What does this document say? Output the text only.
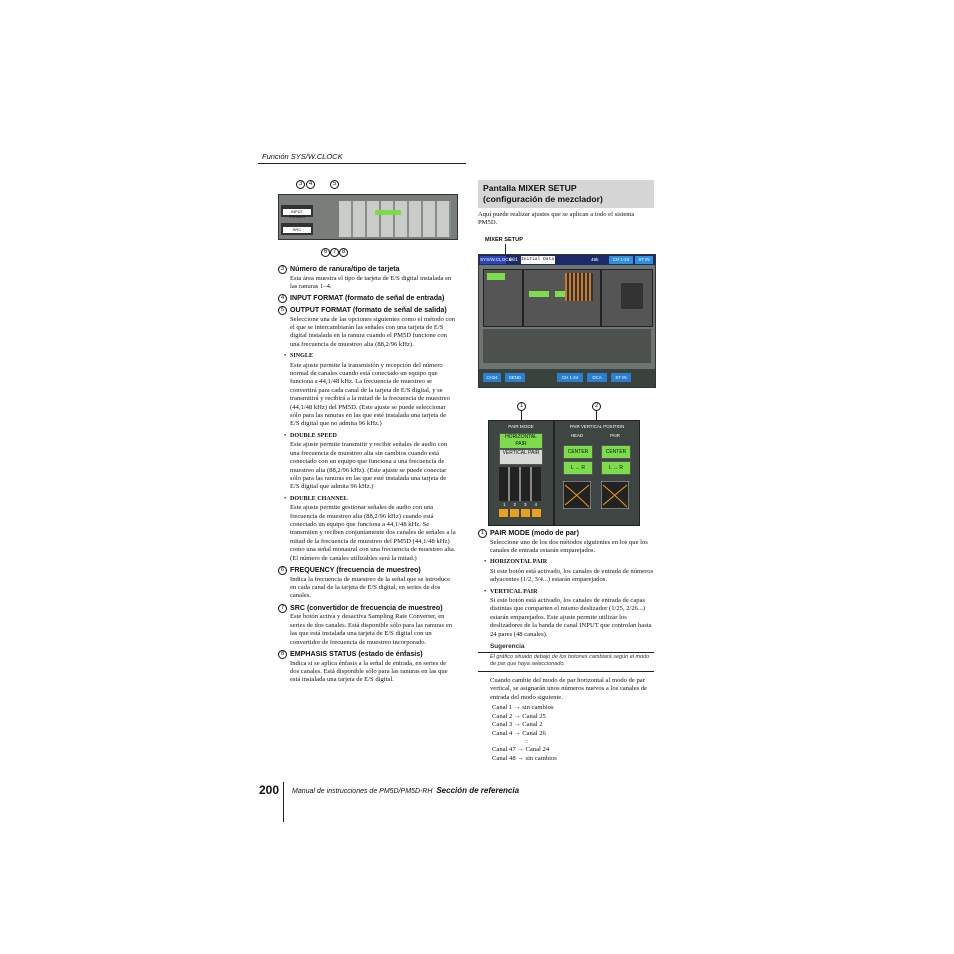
Función SYS/W.CLOCK
INPUT FORMAT
SRC
3	4	5
6 7 8
3 Número de ranura/tipo de tarjeta
Esta área muestra el tipo de tarjeta de E/S digital instalada en las ranuras 1–4.
4 INPUT FORMAT (formato de señal de entrada)
5 OUTPUT FORMAT (formato de señal de salida)
Seleccione una de las opciones siguientes como el método con el que se intercambiarán las señales con una tarjeta de E/S digital instalada en la ranura cuando el PM5D funcione con una frecuencia de muestreo alta (88,2/96 kHz).
• SINGLE
Este ajuste permite la transmisión y recepción del número normal de canales cuando está conectado un equipo que funciona a 44,1/48 kHz. La frecuencia de muestreo se convertirá para cada canal de la tarjeta de E/S digital, y se transmitirá y recibirá a la mitad de la frecuencia de muestreo (44,1/48 kHz) del PM5D. (Este ajuste se puede seleccionar sólo para las ranuras en las que esté instalada una tarjeta de E/S digital que no admita 96 kHz.)
• DOUBLE SPEED
Este ajuste permite transmitir y recibir señales de audio con una frecuencia de muestreo alta sin cambios cuando está conectado con un equipo que funciona a una frecuencia de muestreo alta (88,2/96 kHz). (Este ajuste se puede conectar sólo para las ranuras en las que esté instalada una tarjeta de E/S digital que admita 96 kHz.)
• DOUBLE CHANNEL
Este ajuste permite gestionar señales de audio con una frecuencia de muestreo alta (88,2/96 kHz) cuando está conectado un equipo que funciona a 44,1/48 kHz. Se transmiten y reciben conjuntamente dos canales de señales a la mitad de la frecuencia de muestreo del PM5D (44,1/48 kHz) como una señal monaural con una frecuencia de muestreo alta. (El número de canales utilizables será la mitad.)
6 FREQUENCY (frecuencia de muestreo)
Indica la frecuencia de muestreo de la señal que se introduce en cada canal de la tarjeta de E/S digital, en series de dos canales.
7 SRC (convertidor de frecuencia de muestreo)
Este botón activa y desactiva Sampling Rate Converter, en series de dos canales. Está disponible sólo para las ranuras en las que está instalada una tarjeta de E/S digital con un convertidor de frecuencia de muestreo incorporado.
8 EMPHASIS STATUS (estado de énfasis)
Indica si se aplica énfasis a la señal de entrada, en series de dos canales. Está disponible sólo para las ranuras en las que está instalada una tarjeta de E/S digital.
Pantalla MIXER SETUP
(configuración de mezclador)
Aquí puede realizar ajustes que se aplican a todo el sistema PM5D.
MIXER SETUP
SYS/W.CLOCK
001 Initial Data	48k	CH 1-24	ST IN
CH24	SEND	CH 1-24	DCA	ST IN
1	2
PAIR MODE
HORIZONTAL PAIR
VERTICAL PAIR
1 2 3 4
PAIR VERTICAL POSITION
HEAD	PAIR
CENTER	CENTER
L ↔ R	L ↔ R
1 PAIR MODE (modo de par)
Seleccione uno de los dos métodos siguientes en los que los canales de entrada estarán emparejados.
• HORIZONTAL PAIR
Si este botón está activado, los canales de entrada de números adyacentes (1/2, 3/4...) estarán emparejados.
• VERTICAL PAIR
Si este botón está activado, los canales de entrada de capas distintas que comparten el mismo deslizador (1/25, 2/26...) estarán emparejados. Este ajuste permite utilizar los deslizadores de la banda de canal INPUT que controlan hasta 24 pares (48 canales).
Sugerencia
El gráfico situado debajo de los botones cambiará según el modo de par que haya seleccionado.
Cuando cambie del modo de par horizontal al modo de par vertical, se asignarán unos números nuevos a los canales de entrada del modo siguiente.
Canal 1 → sin cambios
Canal 2 → Canal 25
Canal 3 → Canal 2
Canal 4 → Canal 26
:
Canal 47 → Canal 24
Canal 48 → sin cambios
200 Manual de instrucciones de PM5D/PM5D-RH Sección de referencia
